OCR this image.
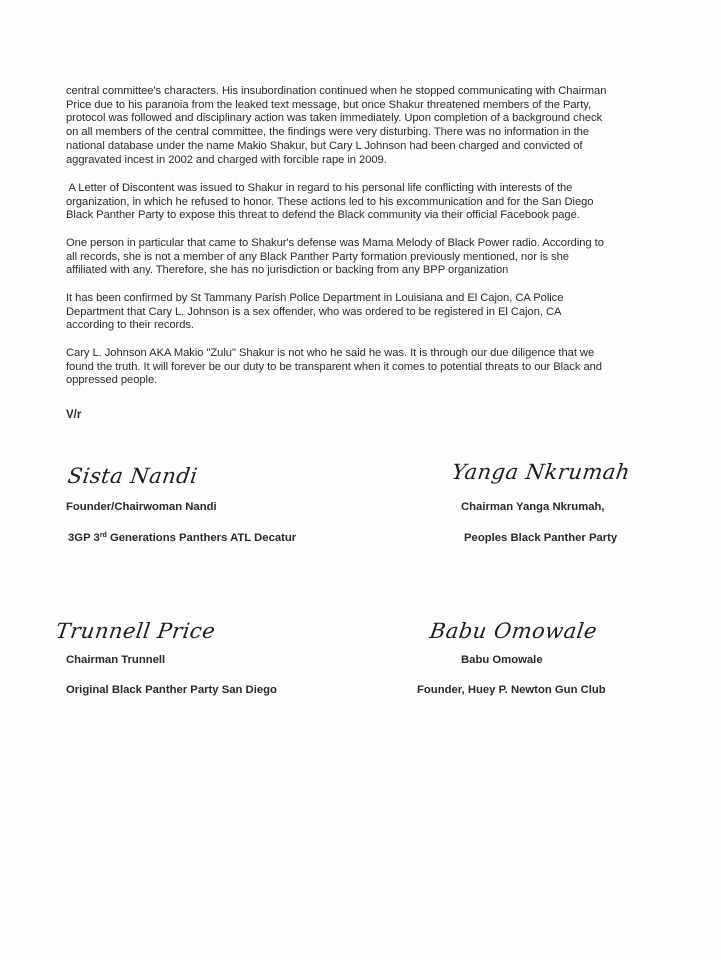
central committee's characters. His insubordination continued when he stopped communicating with Chairman
Price due to his paranoia from the leaked text message, but once Shakur threatened members of the Party,
protocol was followed and disciplinary action was taken immediately. Upon completion of a background check
on all members of the central committee, the findings were very disturbing. There was no information in the
national database under the name Makio Shakur, but Cary L Johnson had been charged and convicted of
aggravated incest in 2002 and charged with forcible rape in 2009.

A Letter of Discontent was issued to Shakur in regard to his personal life conflicting with interests of the
organization, in which he refused to honor. These actions led to his excommunication and for the San Diego
Black Panther Party to expose this threat to defend the Black community via their official Facebook page.

One person in particular that came to Shakur's defense was Mama Melody of Black Power radio. According to
all records, she is not a member of any Black Panther Party formation previously mentioned, nor is she
affiliated with any. Therefore, she has no jurisdiction or backing from any BPP organization

It has been confirmed by St Tammany Parish Police Department in Louisiana and El Cajon, CA Police
Department that Cary L. Johnson is a sex offender, who was ordered to be registered in El Cajon, CA
according to their records.

Cary L. Johnson AKA Makio "Zulu" Shakur is not who he said he was. It is through our due diligence that we
found the truth. It will forever be our duty to be transparent when it comes to potential threats to our Black and
oppressed people.

V/r
Sista Nandi
Founder/Chairwoman Nandi
3GP 3rd Generations Panthers ATL Decatur
Yanga Nkrumah
Chairman Yanga Nkrumah,
Peoples Black Panther Party
Trunnell Price
Chairman Trunnell
Original Black Panther Party San Diego
Babu Omowale
Babu Omowale
Founder, Huey P. Newton Gun Club
